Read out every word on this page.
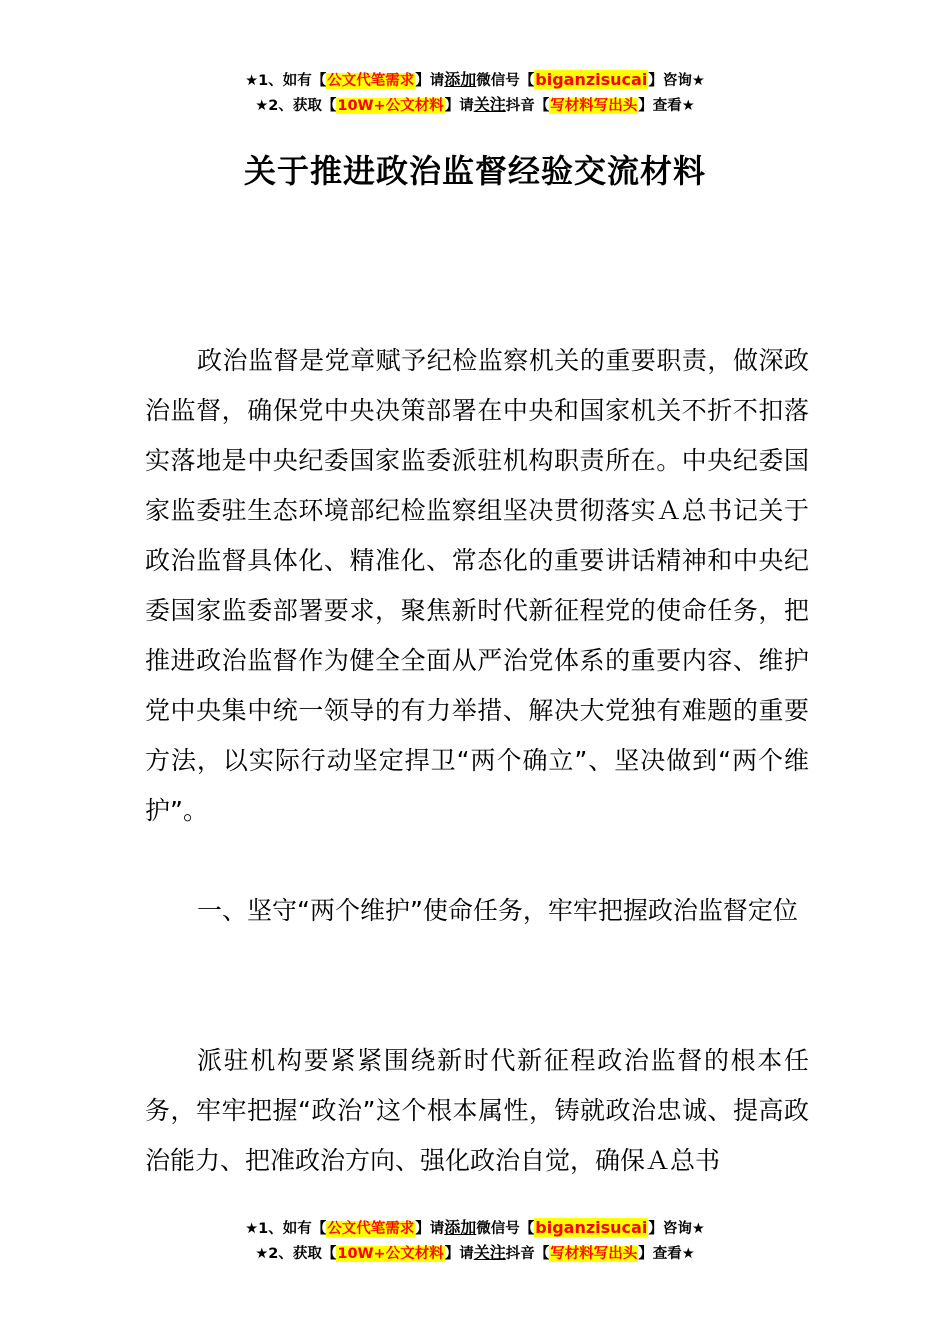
★1、如有【公文代笔需求】请添加微信号【biganzisucai】咨询★
★2、获取【10W+公文材料】请关注抖音【写材料写出头】查看★
关于推进政治监督经验交流材料

政治监督是党章赋予纪检监察机关的重要职责，做深政治监督，确保党中央决策部署在中央和国家机关不折不扣落实落地是中央纪委国家监委派驻机构职责所在。中央纪委国家监委驻生态环境部纪检监察组坚决贯彻落实Ａ总书记关于政治监督具体化、精准化、常态化的重要讲话精神和中央纪委国家监委部署要求，聚焦新时代新征程党的使命任务，把推进政治监督作为健全全面从严治党体系的重要内容、维护党中央集中统一领导的有力举措、解决大党独有难题的重要方法，以实际行动坚定捍卫“两个确立”、坚决做到“两个维护”。

一、坚守“两个维护”使命任务，牢牢把握政治监督定位

派驻机构要紧紧围绕新时代新征程政治监督的根本任务，牢牢把握“政治”这个根本属性，铸就政治忠诚、提高政治能力、把准政治方向、强化政治自觉，确保Ａ总书

★1、如有【公文代笔需求】请添加微信号【biganzisucai】咨询★
★2、获取【10W+公文材料】请关注抖音【写材料写出头】查看★
